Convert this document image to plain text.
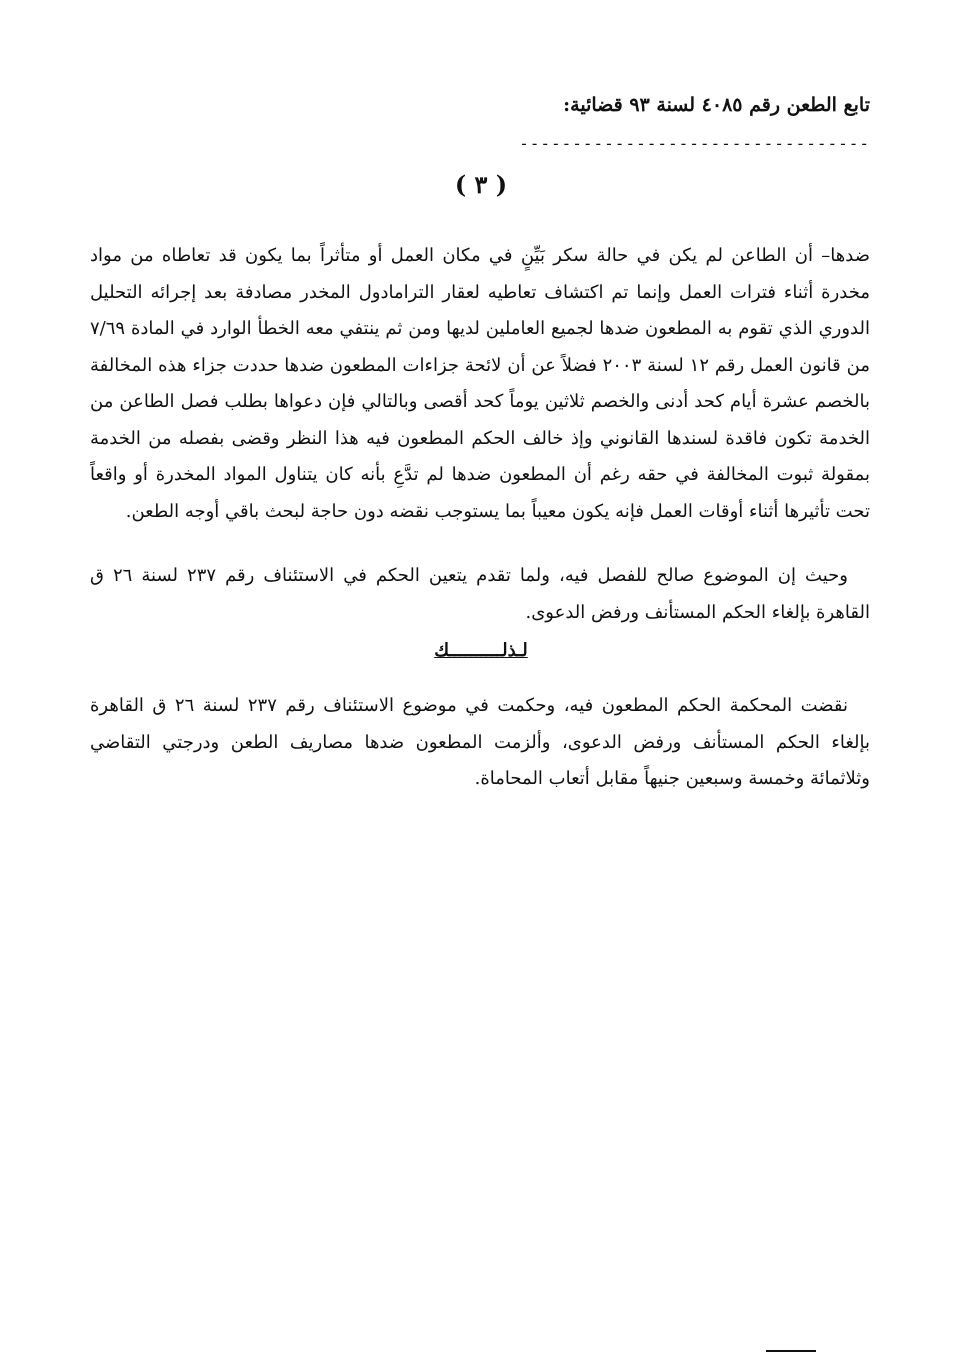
تابع الطعن رقم ٤٠٨٥ لسنة ٩٣ قضائية:
---------------------------------
( ٣ )

ضدها– أن الطاعن لم يكن في حالة سكر بَيِّنٍ في مكان العمل أو متأثراً بما يكون قد تعاطاه من مواد مخدرة أثناء فترات العمل وإنما تم اكتشاف تعاطيه لعقار الترامادول المخدر مصادفة بعد إجرائه التحليل الدوري الذي تقوم به المطعون ضدها لجميع العاملين لديها ومن ثم ينتفي معه الخطأ الوارد في المادة ٧/٦٩ من قانون العمل رقم ١٢ لسنة ٢٠٠٣ فضلاً عن أن لائحة جزاءات المطعون ضدها حددت جزاء هذه المخالفة بالخصم عشرة أيام كحد أدنى والخصم ثلاثين يوماً كحد أقصى وبالتالي فإن دعواها بطلب فصل الطاعن من الخدمة تكون فاقدة لسندها القانوني وإذ خالف الحكم المطعون فيه هذا النظر وقضى بفصله من الخدمة بمقولة ثبوت المخالفة في حقه رغم أن المطعون ضدها لم تدَّعِ بأنه كان يتناول المواد المخدرة أو واقعاً تحت تأثيرها أثناء أوقات العمل فإنه يكون معيباً بما يستوجب نقضه دون حاجة لبحث باقي أوجه الطعن.

وحيث إن الموضوع صالح للفصل فيه، ولما تقدم يتعين الحكم في الاستئناف رقم ٢٣٧ لسنة ٢٦ ق القاهرة بإلغاء الحكم المستأنف ورفض الدعوى.

لـذلــــــــــك

نقضت المحكمة الحكم المطعون فيه، وحكمت في موضوع الاستئناف رقم ٢٣٧ لسنة ٢٦ ق القاهرة بإلغاء الحكم المستأنف ورفض الدعوى، وألزمت المطعون ضدها مصاريف الطعن ودرجتي التقاضي وثلاثمائة وخمسة وسبعين جنيهاً مقابل أتعاب المحاماة.
